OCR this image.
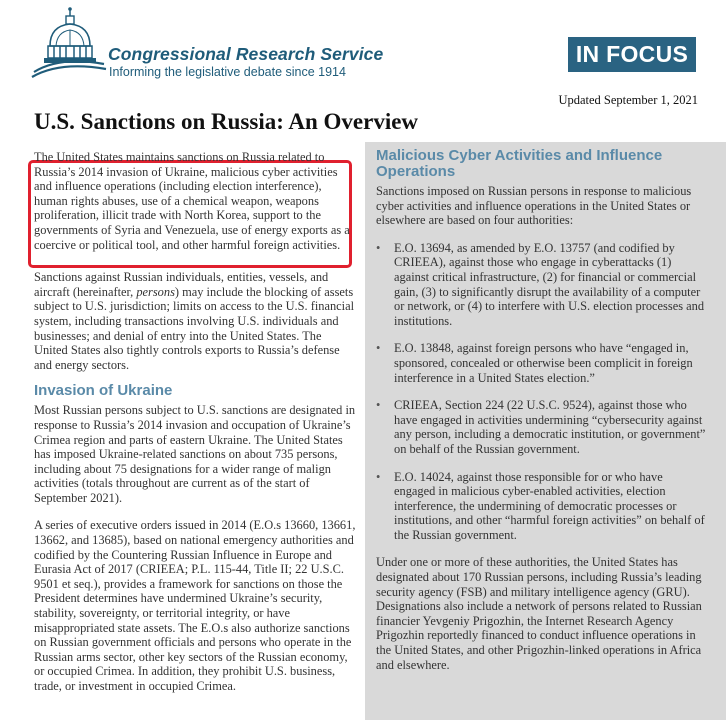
Congressional Research Service
Informing the legislative debate since 1914
IN FOCUS
Updated September 1, 2021
U.S. Sanctions on Russia: An Overview

The United States maintains sanctions on Russia related to Russia’s 2014 invasion of Ukraine, malicious cyber activities and influence operations (including election interference), human rights abuses, use of a chemical weapon, weapons proliferation, illicit trade with North Korea, support to the governments of Syria and Venezuela, use of energy exports as a coercive or political tool, and other harmful foreign activities.

Sanctions against Russian individuals, entities, vessels, and aircraft (hereinafter, persons) may include the blocking of assets subject to U.S. jurisdiction; limits on access to the U.S. financial system, including transactions involving U.S. individuals and businesses; and denial of entry into the United States. The United States also tightly controls exports to Russia’s defense and energy sectors.

Invasion of Ukraine

Most Russian persons subject to U.S. sanctions are designated in response to Russia’s 2014 invasion and occupation of Ukraine’s Crimea region and parts of eastern Ukraine. The United States has imposed Ukraine-related sanctions on about 735 persons, including about 75 designations for a wider range of malign activities (totals throughout are current as of the start of September 2021).

A series of executive orders issued in 2014 (E.O.s 13660, 13661, 13662, and 13685), based on national emergency authorities and codified by the Countering Russian Influence in Europe and Eurasia Act of 2017 (CRIEEA; P.L. 115-44, Title II; 22 U.S.C. 9501 et seq.), provides a framework for sanctions on those the President determines have undermined Ukraine’s security, stability, sovereignty, or territorial integrity, or have misappropriated state assets. The E.O.s also authorize sanctions on Russian government officials and persons who operate in the Russian arms sector, other key sectors of the Russian economy, or occupied Crimea. In addition, they prohibit U.S. business, trade, or investment in occupied Crimea.

Malicious Cyber Activities and Influence Operations

Sanctions imposed on Russian persons in response to malicious cyber activities and influence operations in the United States or elsewhere are based on four authorities:

• E.O. 13694, as amended by E.O. 13757 (and codified by CRIEEA), against those who engage in cyberattacks (1) against critical infrastructure, (2) for financial or commercial gain, (3) to significantly disrupt the availability of a computer or network, or (4) to interfere with U.S. election processes and institutions.
• E.O. 13848, against foreign persons who have “engaged in, sponsored, concealed or otherwise been complicit in foreign interference in a United States election.”
• CRIEEA, Section 224 (22 U.S.C. 9524), against those who have engaged in activities undermining “cybersecurity against any person, including a democratic institution, or government” on behalf of the Russian government.
• E.O. 14024, against those responsible for or who have engaged in malicious cyber-enabled activities, election interference, the undermining of democratic processes or institutions, and other “harmful foreign activities” on behalf of the Russian government.

Under one or more of these authorities, the United States has designated about 170 Russian persons, including Russia’s leading security agency (FSB) and military intelligence agency (GRU). Designations also include a network of persons related to Russian financier Yevgeniy Prigozhin, the Internet Research Agency Prigozhin reportedly financed to conduct influence operations in the United States, and other Prigozhin-linked operations in Africa and elsewhere.
